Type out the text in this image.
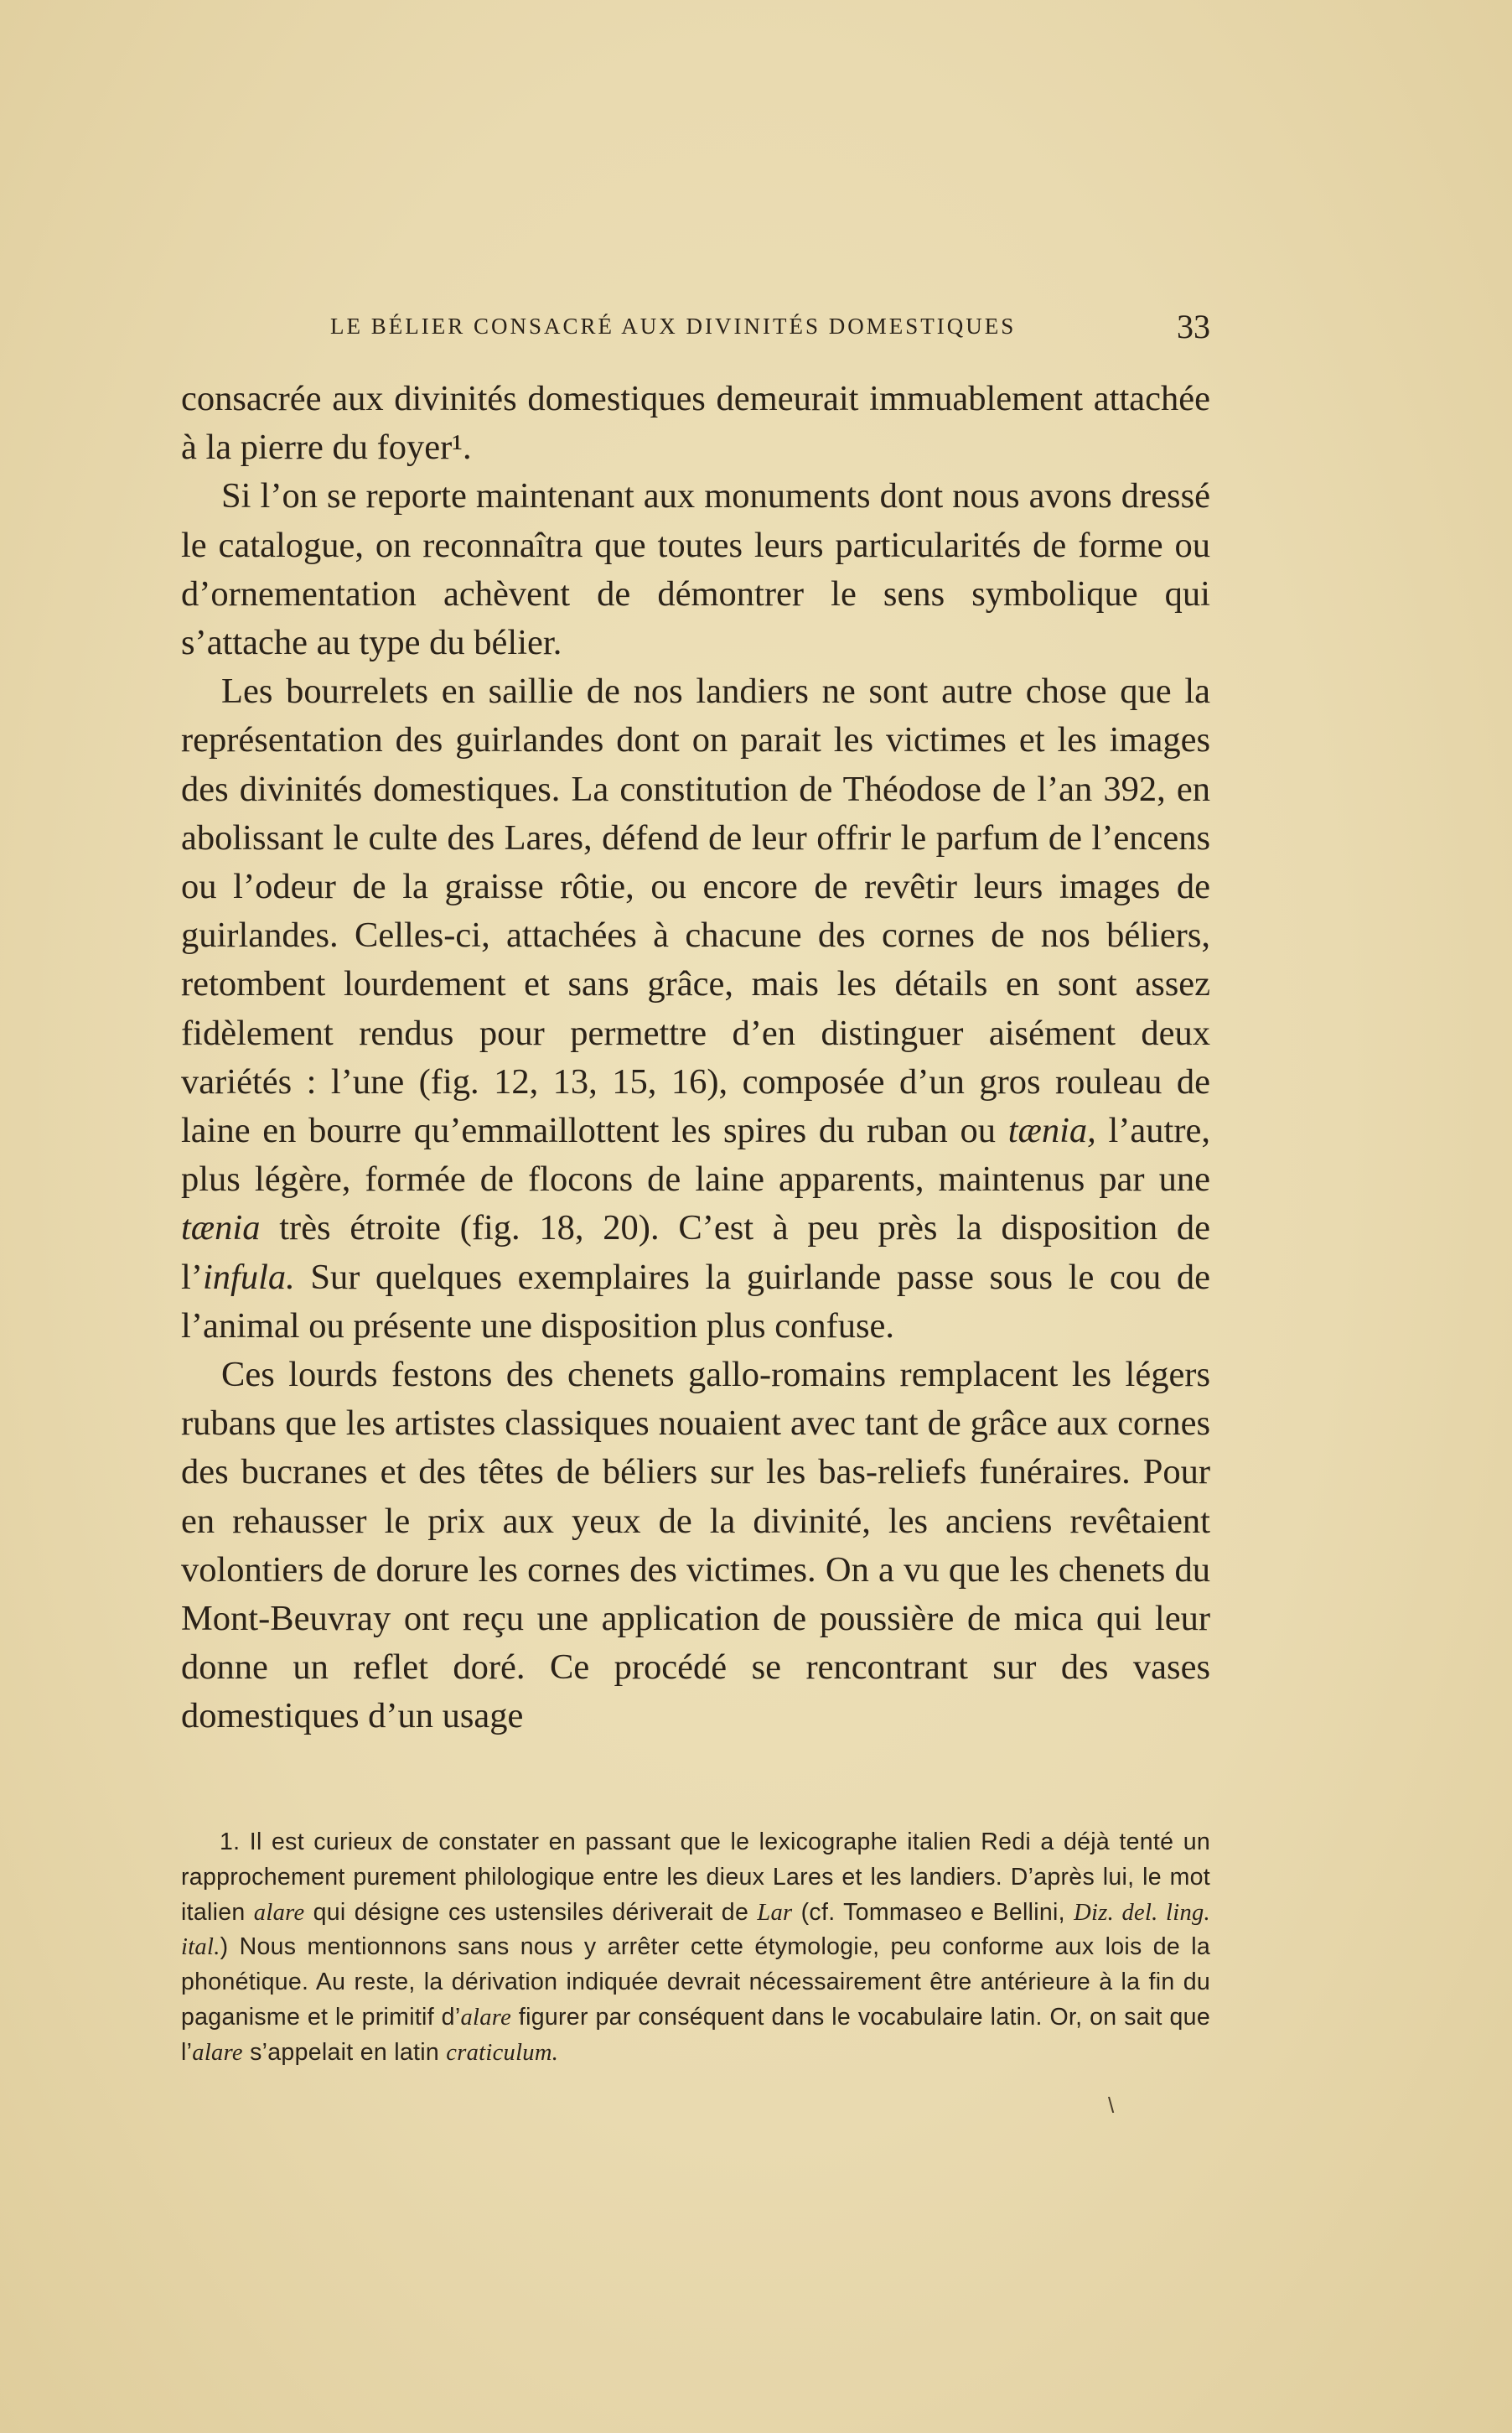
LE BÉLIER CONSACRÉ AUX DIVINITÉS DOMESTIQUES	33

consacrée aux divinités domestiques demeurait immuablement attachée à la pierre du foyer¹.

Si l’on se reporte maintenant aux monuments dont nous avons dressé le catalogue, on reconnaîtra que toutes leurs particularités de forme ou d’ornementation achèvent de démontrer le sens symbolique qui s’attache au type du bélier.

Les bourrelets en saillie de nos landiers ne sont autre chose que la représentation des guirlandes dont on parait les victimes et les images des divinités domestiques. La constitution de Théodose de l’an 392, en abolissant le culte des Lares, défend de leur offrir le parfum de l’encens ou l’odeur de la graisse rôtie, ou encore de revêtir leurs images de guirlandes. Celles-ci, attachées à chacune des cornes de nos béliers, retombent lourdement et sans grâce, mais les détails en sont assez fidèlement rendus pour permettre d’en distinguer aisément deux variétés : l’une (fig. 12, 13, 15, 16), composée d’un gros rouleau de laine en bourre qu’emmaillottent les spires du ruban ou tænia, l’autre, plus légère, formée de flocons de laine apparents, maintenus par une tænia très étroite (fig. 18, 20). C’est à peu près la disposition de l’infula. Sur quelques exemplaires la guirlande passe sous le cou de l’animal ou présente une disposition plus confuse.

Ces lourds festons des chenets gallo-romains remplacent les légers rubans que les artistes classiques nouaient avec tant de grâce aux cornes des bucranes et des têtes de béliers sur les bas-reliefs funéraires. Pour en rehausser le prix aux yeux de la divinité, les anciens revêtaient volontiers de dorure les cornes des victimes. On a vu que les chenets du Mont-Beuvray ont reçu une application de poussière de mica qui leur donne un reflet doré. Ce procédé se rencontrant sur des vases domestiques d’un usage

1. Il est curieux de constater en passant que le lexicographe italien Redi a déjà tenté un rapprochement purement philologique entre les dieux Lares et les landiers. D’après lui, le mot italien alare qui désigne ces ustensiles dériverait de Lar (cf. Tommaseo e Bellini, Diz. del. ling. ital.) Nous mentionnons sans nous y arrêter cette étymologie, peu conforme aux lois de la phonétique. Au reste, la dérivation indiquée devrait nécessairement être antérieure à la fin du paganisme et le primitif d’alare figurer par conséquent dans le vocabulaire latin. Or, on sait que l’alare s’appelait en latin craticulum.

\
